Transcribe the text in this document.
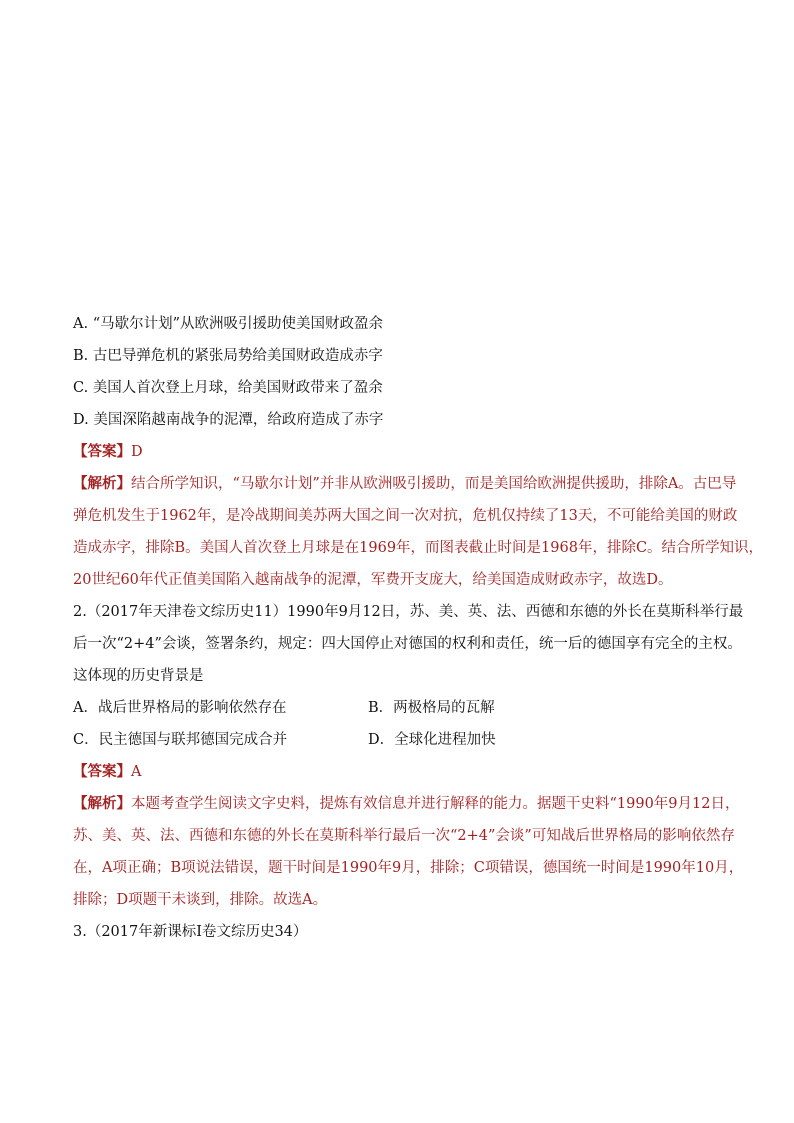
A. “马歇尔计划”从欧洲吸引援助使美国财政盈余
B. 古巴导弹危机的紧张局势给美国财政造成赤字
C. 美国人首次登上月球，给美国财政带来了盈余
D. 美国深陷越南战争的泥潭，给政府造成了赤字
【答案】D
【解析】结合所学知识，“马歇尔计划”并非从欧洲吸引援助，而是美国给欧洲提供援助，排除A。古巴导
弹危机发生于1962年，是冷战期间美苏两大国之间一次对抗，危机仅持续了13天，不可能给美国的财政
造成赤字，排除B。美国人首次登上月球是在1969年，而图表截止时间是1968年，排除C。结合所学知识，
20世纪60年代正值美国陷入越南战争的泥潭，军费开支庞大，给美国造成财政赤字，故选D。
2.（2017年天津卷文综历史11）1990年9月12日，苏、美、英、法、西德和东德的外长在莫斯科举行最
后一次“2+4”会谈，签署条约，规定：四大国停止对德国的权利和责任，统一后的德国享有完全的主权。
这体现的历史背景是
A．战后世界格局的影响依然存在	B．两极格局的瓦解
C．民主德国与联邦德国完成合并	D．全球化进程加快
【答案】A
【解析】本题考查学生阅读文字史料，提炼有效信息并进行解释的能力。据题干史料“1990年9月12日，
苏、美、英、法、西德和东德的外长在莫斯科举行最后一次“2+4”会谈”可知战后世界格局的影响依然存
在，A项正确；B项说法错误，题干时间是1990年9月，排除；C项错误，德国统一时间是1990年10月，
排除；D项题干未谈到，排除。故选A。
3.（2017年新课标Ⅰ卷文综历史34）
